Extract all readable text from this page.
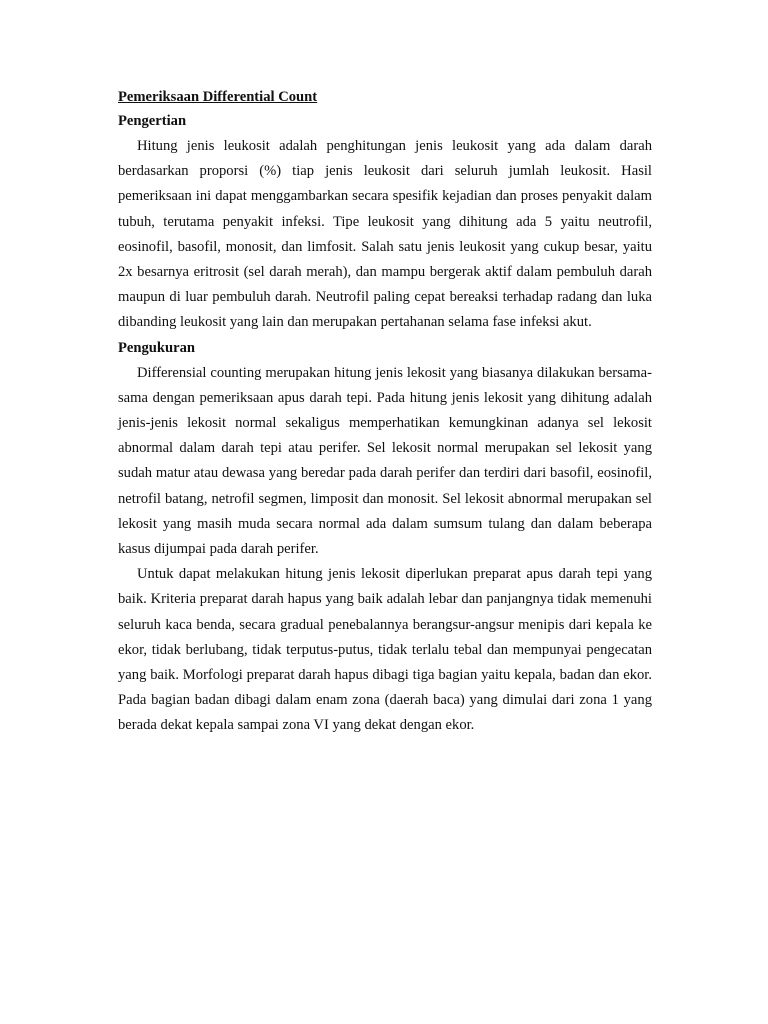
Pemeriksaan Differential Count

Pengertian

Hitung jenis leukosit adalah penghitungan jenis leukosit yang ada dalam darah berdasarkan proporsi (%) tiap jenis leukosit dari seluruh jumlah leukosit. Hasil pemeriksaan ini dapat menggambarkan secara spesifik kejadian dan proses penyakit dalam tubuh, terutama penyakit infeksi. Tipe leukosit yang dihitung ada 5 yaitu neutrofil, eosinofil, basofil, monosit, dan limfosit. Salah satu jenis leukosit yang cukup besar, yaitu 2x besarnya eritrosit (sel darah merah), dan mampu bergerak aktif dalam pembuluh darah maupun di luar pembuluh darah. Neutrofil paling cepat bereaksi terhadap radang dan luka dibanding leukosit yang lain dan merupakan pertahanan selama fase infeksi akut.

Pengukuran

Differensial counting merupakan hitung jenis lekosit yang biasanya dilakukan bersama-sama dengan pemeriksaan apus darah tepi. Pada hitung jenis lekosit yang dihitung adalah jenis-jenis lekosit normal sekaligus memperhatikan kemungkinan adanya sel lekosit abnormal dalam darah tepi atau perifer. Sel lekosit normal merupakan sel lekosit yang sudah matur atau dewasa yang beredar pada darah perifer dan terdiri dari basofil, eosinofil, netrofil batang, netrofil segmen, limposit dan monosit. Sel lekosit abnormal merupakan sel lekosit yang masih muda secara normal ada dalam sumsum tulang dan dalam beberapa kasus dijumpai pada darah perifer.

Untuk dapat melakukan hitung jenis lekosit diperlukan preparat apus darah tepi yang baik. Kriteria preparat darah hapus yang baik adalah lebar dan panjangnya tidak memenuhi seluruh kaca benda, secara gradual penebalannya berangsur-angsur menipis dari kepala ke ekor, tidak berlubang, tidak terputus-putus, tidak terlalu tebal dan mempunyai pengecatan yang baik. Morfologi preparat darah hapus dibagi tiga bagian yaitu kepala, badan dan ekor. Pada bagian badan dibagi dalam enam zona (daerah baca) yang dimulai dari zona 1 yang berada dekat kepala sampai zona VI yang dekat dengan ekor.
